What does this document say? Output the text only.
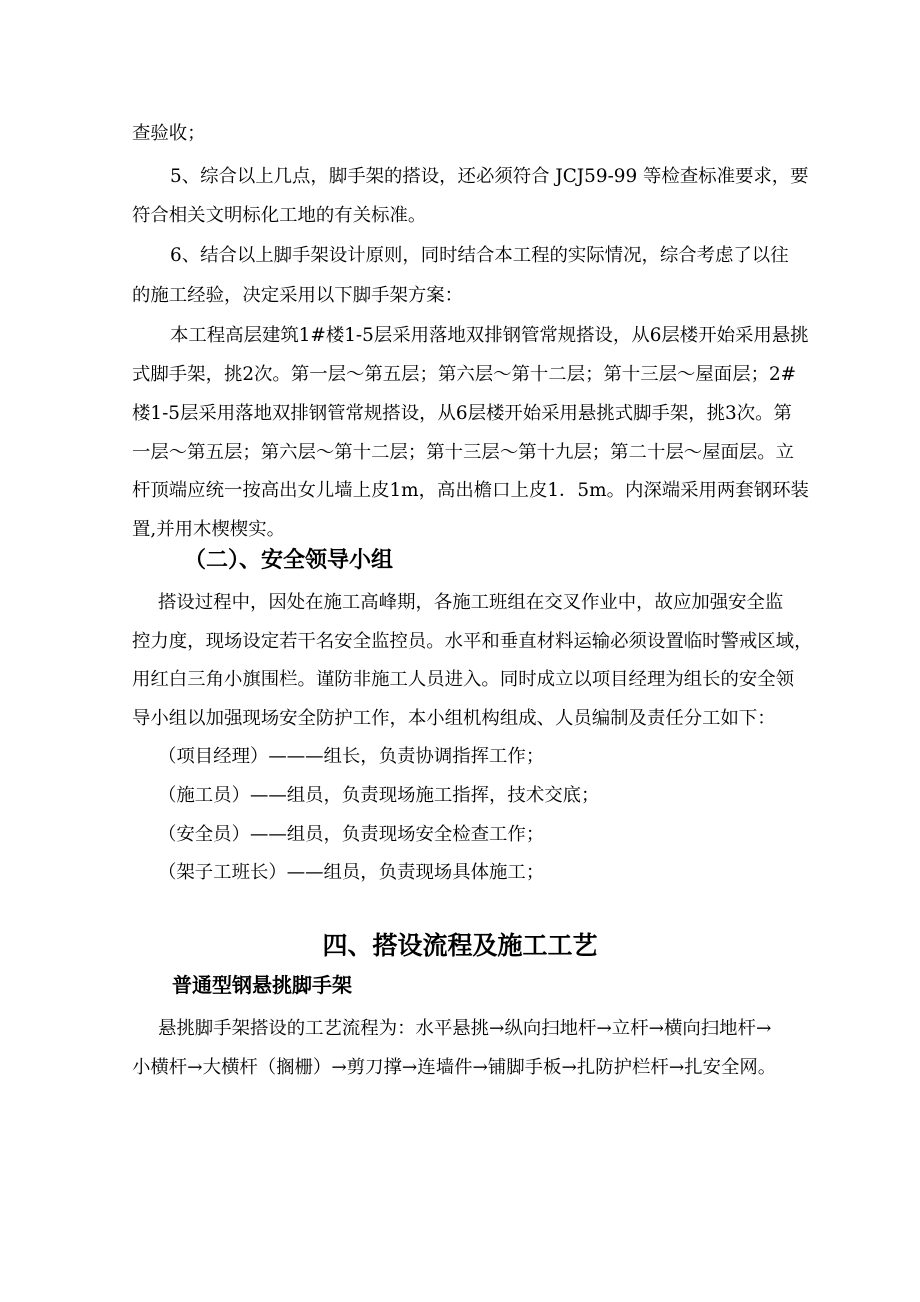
查验收；
5、综合以上几点，脚手架的搭设，还必须符合 JCJ59-99 等检查标准要求，要
符合相关文明标化工地的有关标准。
6、结合以上脚手架设计原则，同时结合本工程的实际情况，综合考虑了以往
的施工经验，决定采用以下脚手架方案：
本工程高层建筑1#楼1-5层采用落地双排钢管常规搭设，从6层楼开始采用悬挑
式脚手架，挑2次。第一层～第五层；第六层～第十二层；第十三层～屋面层；2#
楼1-5层采用落地双排钢管常规搭设，从6层楼开始采用悬挑式脚手架，挑3次。第
一层～第五层；第六层～第十二层；第十三层～第十九层；第二十层～屋面层。立
杆顶端应统一按高出女儿墙上皮1m，高出檐口上皮1．5m。内深端采用两套钢环装
置,并用木楔楔实。
（二）、安全领导小组
搭设过程中，因处在施工高峰期，各施工班组在交叉作业中，故应加强安全监
控力度，现场设定若干名安全监控员。水平和垂直材料运输必须设置临时警戒区域，
用红白三角小旗围栏。谨防非施工人员进入。同时成立以项目经理为组长的安全领
导小组以加强现场安全防护工作，本小组机构组成、人员编制及责任分工如下：
（项目经理）———组长，负责协调指挥工作；
（施工员）——组员，负责现场施工指挥，技术交底；
（安全员）——组员，负责现场安全检查工作；
（架子工班长）——组员，负责现场具体施工；
四、搭设流程及施工工艺
普通型钢悬挑脚手架
悬挑脚手架搭设的工艺流程为：水平悬挑→纵向扫地杆→立杆→横向扫地杆→
小横杆→大横杆（搁栅）→剪刀撑→连墙件→铺脚手板→扎防护栏杆→扎安全网。
